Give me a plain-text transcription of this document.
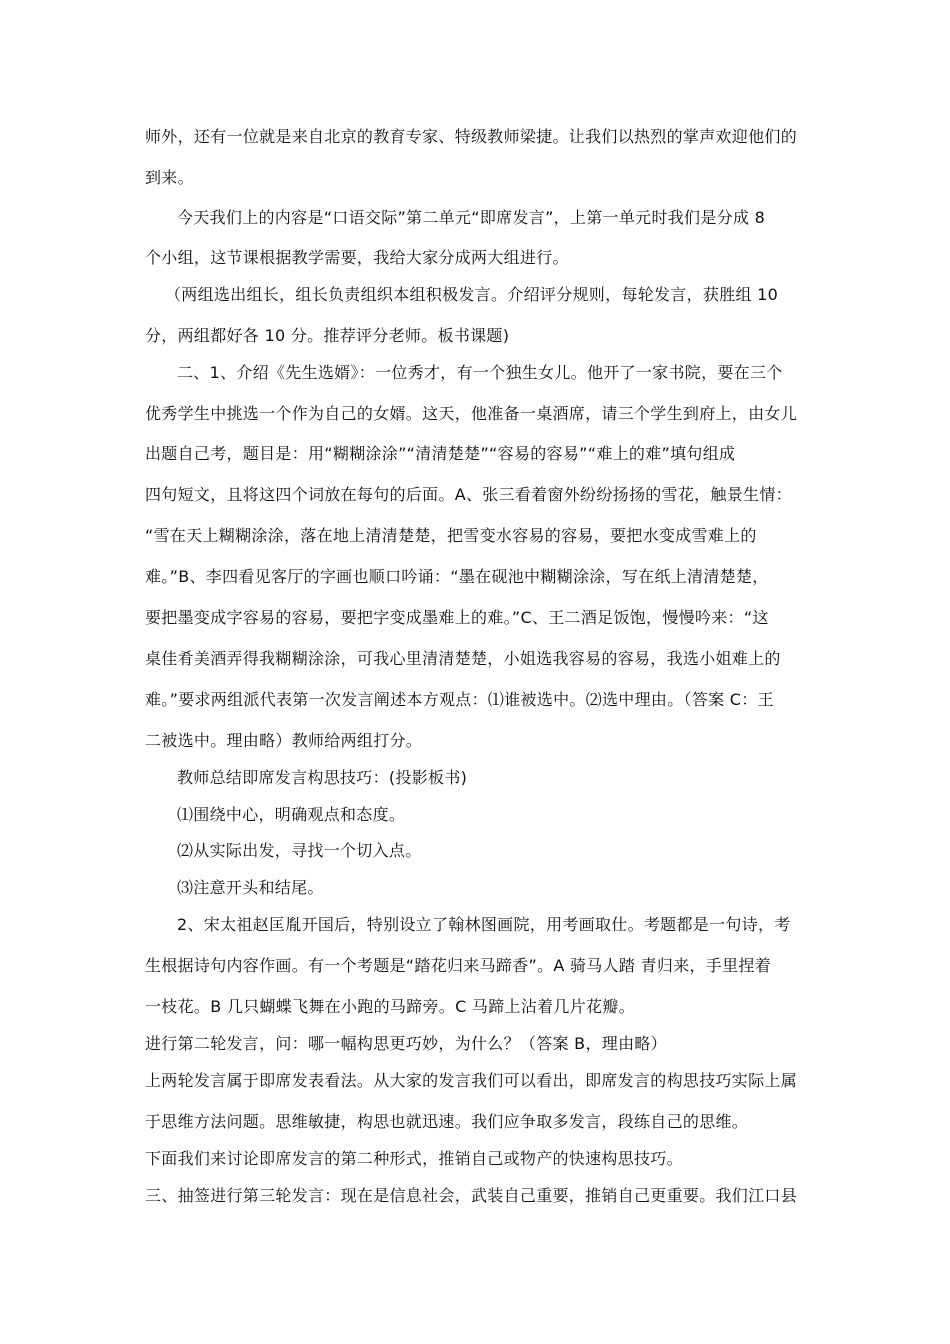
师外，还有一位就是来自北京的教育专家、特级教师梁捷。让我们以热烈的掌声欢迎他们的
到来。
今天我们上的内容是“口语交际”第二单元“即席发言”，上第一单元时我们是分成 8
个小组，这节课根据教学需要，我给大家分成两大组进行。
（两组选出组长，组长负责组织本组积极发言。介绍评分规则，每轮发言，获胜组 10
分，两组都好各 10 分。推荐评分老师。板书课题)
二、1、介绍《先生选婿》：一位秀才，有一个独生女儿。他开了一家书院，要在三个
优秀学生中挑选一个作为自己的女婿。这天，他准备一桌酒席，请三个学生到府上，由女儿
出题自己考，题目是：用“糊糊涂涂”“清清楚楚”“容易的容易”“难上的难”填句组成
四句短文，且将这四个词放在每句的后面。A、张三看着窗外纷纷扬扬的雪花，触景生情：
“雪在天上糊糊涂涂，落在地上清清楚楚，把雪变水容易的容易，要把水变成雪难上的
难。”B、李四看见客厅的字画也顺口吟诵：“墨在砚池中糊糊涂涂，写在纸上清清楚楚，
要把墨变成字容易的容易，要把字变成墨难上的难。”C、王二酒足饭饱，慢慢吟来：“这
桌佳肴美酒弄得我糊糊涂涂，可我心里清清楚楚，小姐选我容易的容易，我选小姐难上的
难。”要求两组派代表第一次发言阐述本方观点：⑴谁被选中。⑵选中理由。（答案 C：王
二被选中。理由略）教师给两组打分。
教师总结即席发言构思技巧：(投影板书)
⑴围绕中心，明确观点和态度。
⑵从实际出发，寻找一个切入点。
⑶注意开头和结尾。
2、宋太祖赵匡胤开国后，特别设立了翰林图画院，用考画取仕。考题都是一句诗，考
生根据诗句内容作画。有一个考题是“踏花归来马蹄香”。A 骑马人踏 青归来，手里捏着
一枝花。B 几只蝴蝶飞舞在小跑的马蹄旁。C 马蹄上沾着几片花瓣。
进行第二轮发言，问：哪一幅构思更巧妙，为什么？（答案 B，理由略）
上两轮发言属于即席发表看法。从大家的发言我们可以看出，即席发言的构思技巧实际上属
于思维方法问题。思维敏捷，构思也就迅速。我们应争取多发言，段练自己的思维。
下面我们来讨论即席发言的第二种形式，推销自己或物产的快速构思技巧。
三、抽签进行第三轮发言：现在是信息社会，武装自己重要，推销自己更重要。我们江口县
